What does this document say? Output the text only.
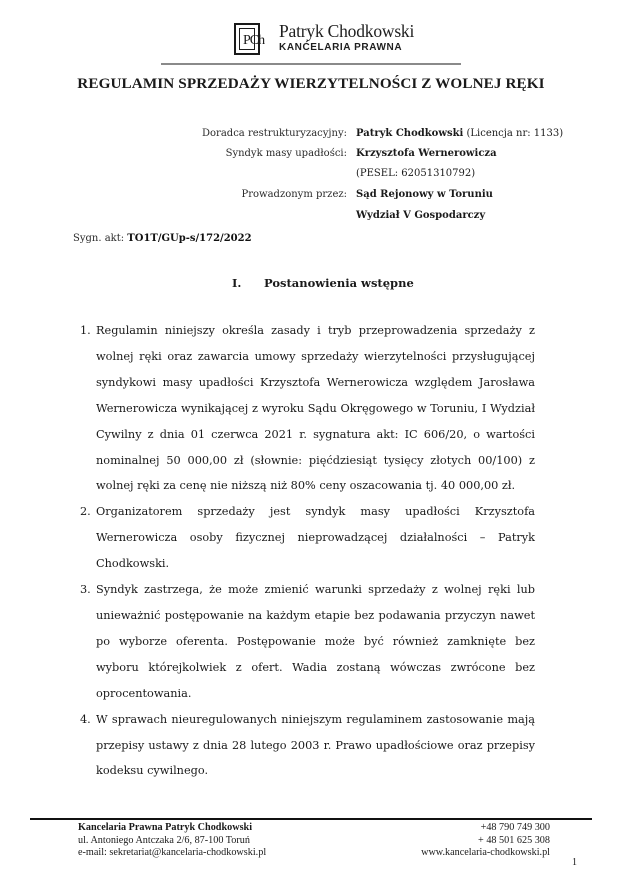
PCh Patryk Chodkowski
KANĆELARIA PRAWNA
REGULAMIN SPRZEDAŻY WIERZYTELNOŚCI Z WOLNEJ RĘKI
Doradca restrukturyzacyjny: Patryk Chodkowski (Licencja nr: 1133)
Syndyk masy upadłości: Krzysztofa Wernerowicza
(PESEL: 62051310792)
Prowadzonym przez: Sąd Rejonowy w Toruniu
Wydział V Gospodarczy
Sygn. akt: TO1T/GUp-s/172/2022
I. Postanowienia wstępne
1. Regulamin niniejszy określa zasady i tryb przeprowadzenia sprzedaży z wolnej ręki oraz zawarcia umowy sprzedaży wierzytelności przysługującej syndykowi masy upadłości Krzysztofa Wernerowicza względem Jarosława Wernerowicza wynikającej z wyroku Sądu Okręgowego w Toruniu, I Wydział Cywilny z dnia 01 czerwca 2021 r. sygnatura akt: IC 606/20, o wartości nominalnej 50 000,00 zł (słownie: pięćdziesiąt tysięcy złotych 00/100) z wolnej ręki za cenę nie niższą niż 80% ceny oszacowania tj. 40 000,00 zł.
2. Organizatorem sprzedaży jest syndyk masy upadłości Krzysztofa Wernerowicza osoby fizycznej nieprowadzącej działalności – Patryk Chodkowski.
3. Syndyk zastrzega, że może zmienić warunki sprzedaży z wolnej ręki lub unieważnić postępowanie na każdym etapie bez podawania przyczyn nawet po wyborze oferenta. Postępowanie może być również zamknięte bez wyboru którejkolwiek z ofert. Wadia zostaną wówczas zwrócone bez oprocentowania.
4. W sprawach nieuregulowanych niniejszym regulaminem zastosowanie mają przepisy ustawy z dnia 28 lutego 2003 r. Prawo upadłościowe oraz przepisy kodeksu cywilnego.
Kancelaria Prawna Patryk Chodkowski
ul. Antoniego Antczaka 2/6, 87-100 Toruń
e-mail: sekretariat@kancelaria-chodkowski.pl
+48 790 749 300
+ 48 501 625 308
www.kancelaria-chodkowski.pl
1
